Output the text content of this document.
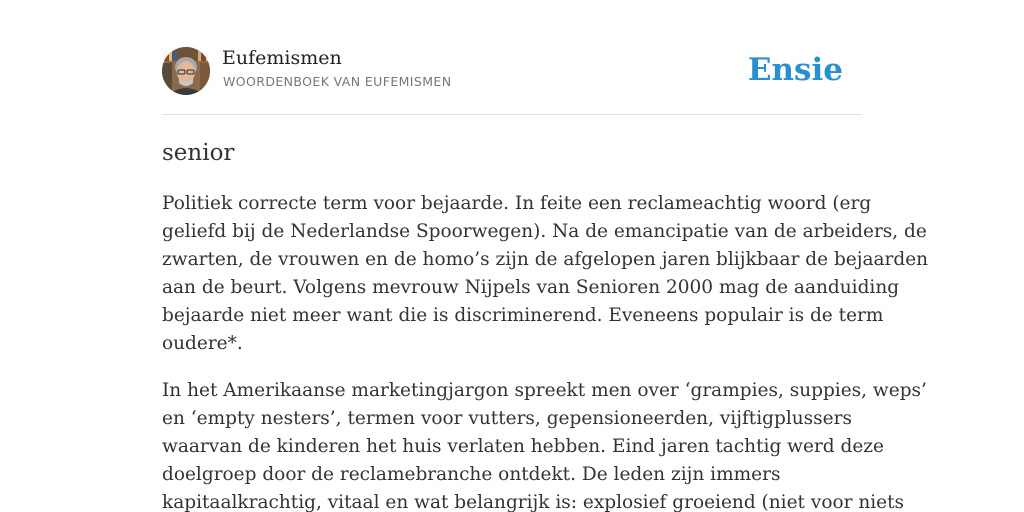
Eufemismen
WOORDENBOEK VAN EUFEMISMEN	Ensie
senior

Politiek correcte term voor bejaarde. In feite een reclameachtig woord (erg
geliefd bij de Nederlandse Spoorwegen). Na de emancipatie van de arbeiders, de
zwarten, de vrouwen en de homo’s zijn de afgelopen jaren blijkbaar de bejaarden
aan de beurt. Volgens mevrouw Nijpels van Senioren 2000 mag de aanduiding
bejaarde niet meer want die is discriminerend. Eveneens populair is de term
oudere*.

In het Amerikaanse marketingjargon spreekt men over ‘grampies, suppies, weps’
en ‘empty nesters’, termen voor vutters, gepensioneerden, vijftigplussers
waarvan de kinderen het huis verlaten hebben. Eind jaren tachtig werd deze
doelgroep door de reclamebranche ontdekt. De leden zijn immers
kapitaalkrachtig, vitaal en wat belangrijk is: explosief groeiend (niet voor niets
